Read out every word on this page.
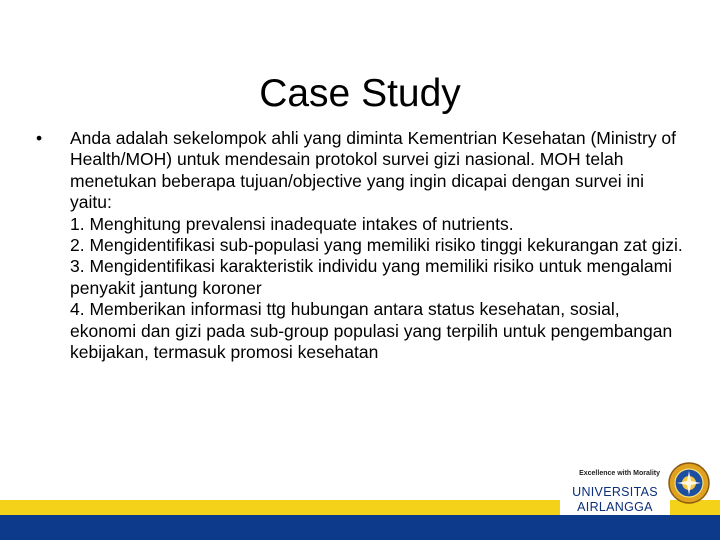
Case Study
• Anda adalah sekelompok ahli yang diminta Kementrian Kesehatan (Ministry of Health/MOH) untuk mendesain protokol survei gizi nasional. MOH telah menetukan beberapa tujuan/objective yang ingin dicapai dengan survei ini yaitu:

1. Menghitung prevalensi inadequate intakes of nutrients.

2. Mengidentifikasi sub-populasi yang memiliki risiko tinggi kekurangan zat gizi.

3. Mengidentifikasi karakteristik individu yang memiliki risiko untuk mengalami penyakit jantung koroner

4. Memberikan informasi ttg hubungan antara status kesehatan, sosial, ekonomi dan gizi pada sub-group populasi yang terpilih untuk pengembangan kebijakan, termasuk promosi kesehatan

Excellence with Morality
UNIVERSITAS
AIRLANGGA
